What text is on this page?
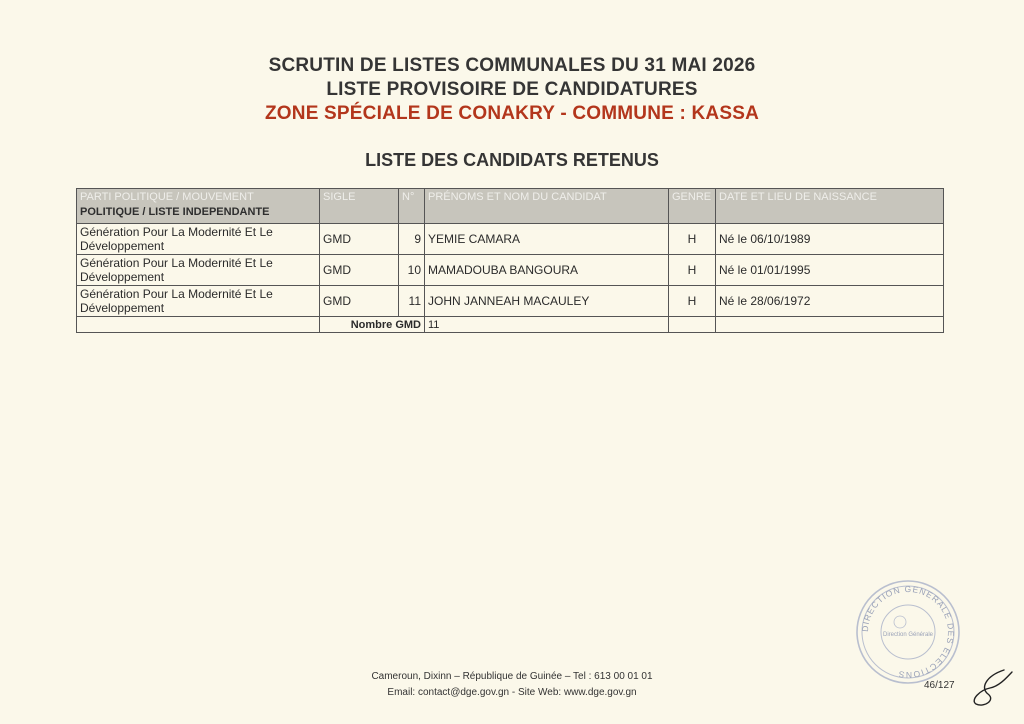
SCRUTIN DE LISTES COMMUNALES DU 31 MAI 2026
LISTE PROVISOIRE DE CANDIDATURES
ZONE SPÉCIALE DE CONAKRY - COMMUNE : KASSA
LISTE DES CANDIDATS RETENUS
PARTI POLITIQUE / MOUVEMENT
POLITIQUE / LISTE INDEPENDANTE	SIGLE	N°	PRÉNOMS ET NOM DU CANDIDAT	GENRE	DATE ET LIEU DE NAISSANCE
Génération Pour La Modernité Et Le Développement	GMD	9	YEMIE CAMARA	H	Né le 06/10/1989
Génération Pour La Modernité Et Le Développement	GMD	10	MAMADOUBA BANGOURA	H	Né le 01/01/1995
Génération Pour La Modernité Et Le Développement	GMD	11	JOHN JANNEAH MACAULEY	H	Né le 28/06/1972
	Nombre GMD		11		
Cameroun, Dixinn – République de Guinée – Tel : 613 00 01 01
Email: contact@dge.gov.gn - Site Web: www.dge.gov.gn
DIRECTION GENERALE DES ELECTIONS
Direction Générale
46/127
